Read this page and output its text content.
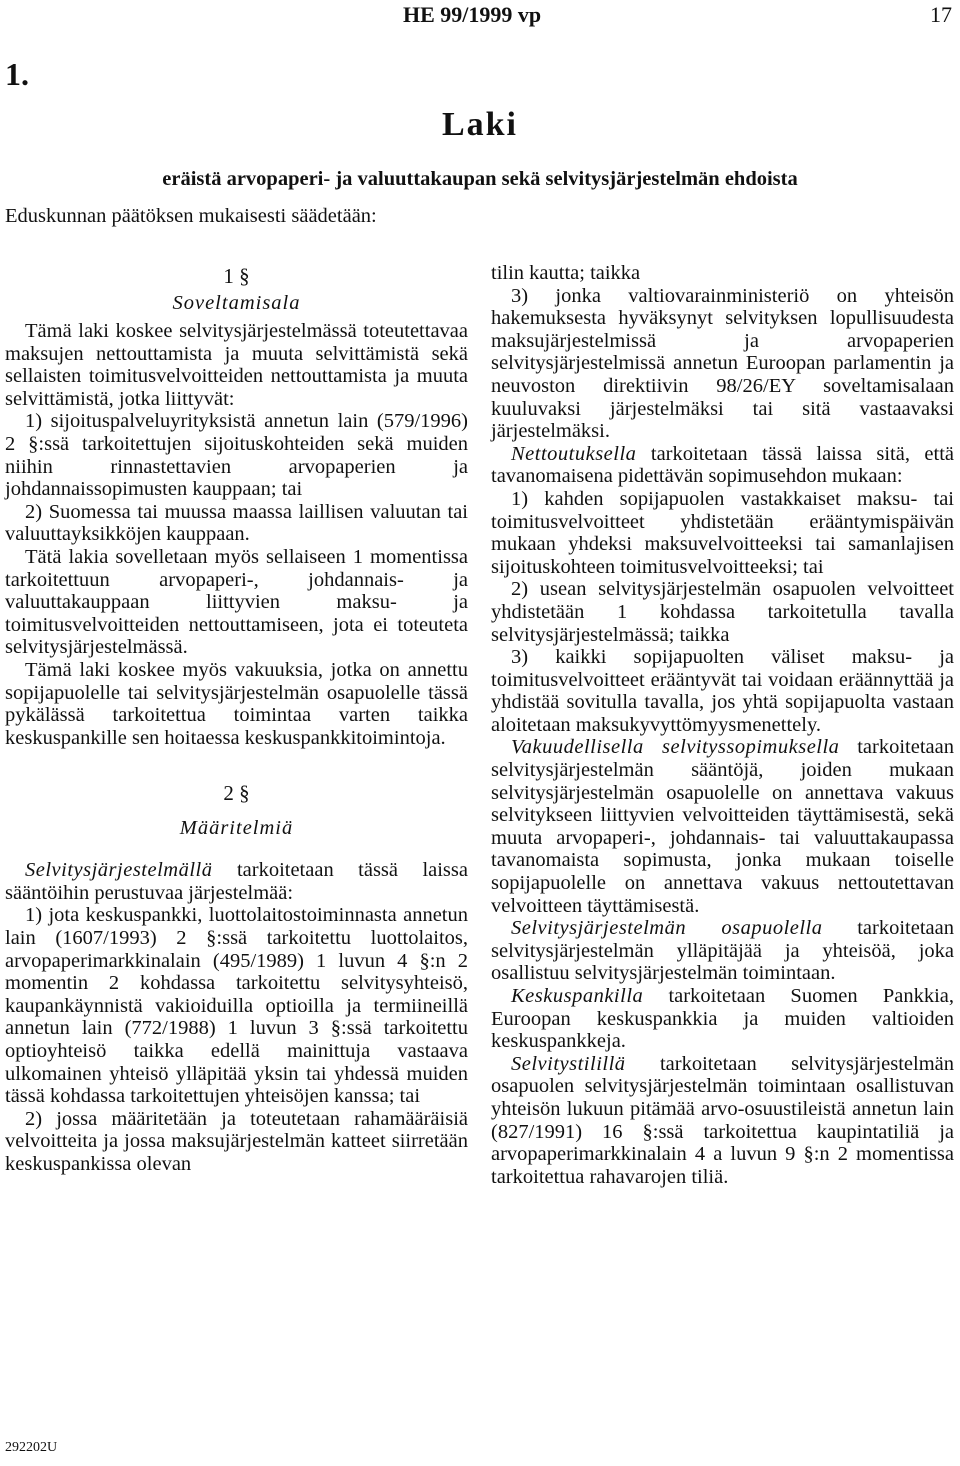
HE 99/1999 vp	17
1.
Laki
eräistä arvopaperi- ja valuuttakaupan sekä selvitysjärjestelmän ehdoista
Eduskunnan päätöksen mukaisesti säädetään:
1 §
Soveltamisala

Tämä laki koskee selvitysjärjestelmässä toteutettavaa maksujen nettouttamista ja muuta selvittämistä sekä sellaisten toimitusvelvoitteiden nettouttamista ja muuta selvittämistä, jotka liittyvät:

1) sijoituspalveluyrityksistä annetun lain (579/1996) 2 §:ssä tarkoitettujen sijoituskohteiden sekä muiden niihin rinnastettavien arvopaperien ja johdannaissopimusten kauppaan; tai

2) Suomessa tai muussa maassa laillisen valuutan tai valuuttayksikköjen kauppaan.

Tätä lakia sovelletaan myös sellaiseen 1 momentissa tarkoitettuun arvopaperi-, johdannais- ja valuuttakauppaan liittyvien maksu- ja toimitusvelvoitteiden nettouttamiseen, jota ei toteuteta selvitysjärjestelmässä.

Tämä laki koskee myös vakuuksia, jotka on annettu sopijapuolelle tai selvitysjärjestelmän osapuolelle tässä pykälässä tarkoitettua toimintaa varten taikka keskuspankille sen hoitaessa keskuspankkitoimintoja.

2 §
Määritelmiä

Selvitysjärjestelmällä tarkoitetaan tässä laissa sääntöihin perustuvaa järjestelmää:

1) jota keskuspankki, luottolaitostoiminnasta annetun lain (1607/1993) 2 §:ssä tarkoitettu luottolaitos, arvopaperimarkkinalain (495/1989) 1 luvun 4 §:n 2 momentin 2 kohdassa tarkoitettu selvitysyhteisö, kaupankäynnistä vakioiduilla optioilla ja termiineillä annetun lain (772/1988) 1 luvun 3 §:ssä tarkoitettu optioyhteisö taikka edellä mainittuja vastaava ulkomainen yhteisö ylläpitää yksin tai yhdessä muiden tässä kohdassa tarkoitettujen yhteisöjen kanssa; tai

2) jossa määritetään ja toteutetaan rahamääräisiä velvoitteita ja jossa maksujärjestelmän katteet siirretään keskuspankissa olevan

tilin kautta; taikka

3) jonka valtiovarainministeriö on yhteisön hakemuksesta hyväksynyt selvityksen lopullisuudesta maksujärjestelmissä ja arvopaperien selvitysjärjestelmissä annetun Euroopan parlamentin ja neuvoston direktiivin 98/26/EY soveltamisalaan kuuluvaksi järjestelmäksi tai sitä vastaavaksi järjestelmäksi.

Nettoutuksella tarkoitetaan tässä laissa sitä, että tavanomaisena pidettävän sopimusehdon mukaan:

1) kahden sopijapuolen vastakkaiset maksu- tai toimitusvelvoitteet yhdistetään erääntymispäivän mukaan yhdeksi maksuvelvoitteeksi tai samanlajisen sijoituskohteen toimitusvelvoitteeksi; tai

2) usean selvitysjärjestelmän osapuolen velvoitteet yhdistetään 1 kohdassa tarkoitetulla tavalla selvitysjärjestelmässä; taikka

3) kaikki sopijapuolten väliset maksu- ja toimitusvelvoitteet erääntyvät tai voidaan eräännyttää ja yhdistää sovitulla tavalla, jos yhtä sopijapuolta vastaan aloitetaan maksukyvyttömyysmenettely.

Vakuudellisella selvityssopimuksella tarkoitetaan selvitysjärjestelmän sääntöjä, joiden mukaan selvitysjärjestelmän osapuolelle on annettava vakuus selvitykseen liittyvien velvoitteiden täyttämisestä, sekä muuta arvopaperi-, johdannais- tai valuuttakaupassa tavanomaista sopimusta, jonka mukaan toiselle sopijapuolelle on annettava vakuus nettoutettavan velvoitteen täyttämisestä.

Selvitysjärjestelmän osapuolella tarkoitetaan selvitysjärjestelmän ylläpitäjää ja yhteisöä, joka osallistuu selvitysjärjestelmän toimintaan.

Keskuspankilla tarkoitetaan Suomen Pankkia, Euroopan keskuspankkia ja muiden valtioiden keskuspankkeja.

Selvitystilillä tarkoitetaan selvitysjärjestelmän osapuolen selvitysjärjestelmän toimintaan osallistuvan yhteisön lukuun pitämää arvo-osuustileistä annetun lain (827/1991) 16 §:ssä tarkoitettua kaupintatiliä ja arvopaperimarkkinalain 4 a luvun 9 §:n 2 momentissa tarkoitettua rahavarojen tiliä.

292202U
